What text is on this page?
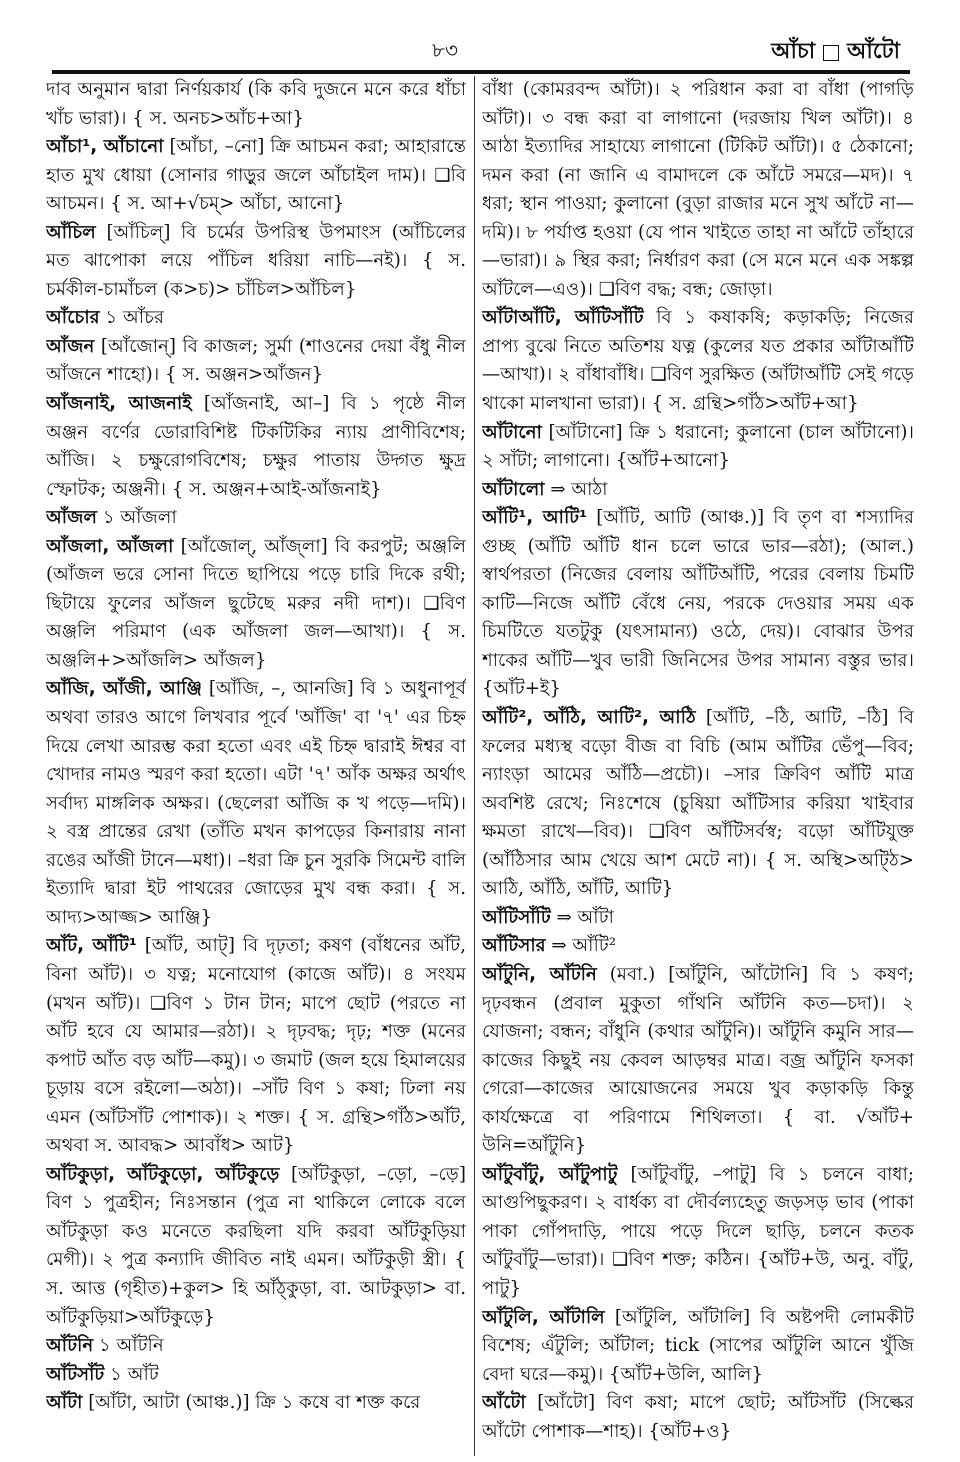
৮৩	আঁচা আঁটো

দাব অনুমান দ্বারা নির্ণয়কার্য (কি কবি দুজনে মনে করে ধাঁচা খাঁচ ভারা)। { স. অনচ>আঁচ+আ}

আঁচা¹, আঁচানো [আঁচা, –নো] ক্রি আচমন করা; আহারান্তে হাত মুখ ধোয়া (সোনার গাড়ুর জলে আঁচাইল দাম)। ❑বি আচমন। { স. আ+√চম্> আঁচা, আনো}

আঁচিল [আঁচিল্] বি চর্মের উপরিস্থ উপমাংস (আঁচিলের মত ঝাপোকা লয়ে পাঁচিল ধরিয়া নাচি—নই)। { স. চর্মকীল-চামাঁচল (ক>চ)> চাঁচিল>আঁচিল}

আঁচোর ১ আঁচর

আঁজন [আঁজোন্] বি কাজল; সুর্মা (শাওনের দেয়া বঁধু নীল আঁজনে শাহো)। { স. অঞ্জন>আঁজন}

আঁজনাই, আজনাই [আঁজনাই, আ–] বি ১ পৃষ্ঠে নীল অঞ্জন বর্ণের ডোরাবিশিষ্ট টিকটিকির ন্যায় প্রাণীবিশেষ; আঁজি। ২ চক্ষুরোগবিশেষ; চক্ষুর পাতায় উদ্গত ক্ষুদ্র স্ফোটক; অঞ্জনী। { স. অঞ্জন+আই-আঁজনাই}

আঁজল ১ আঁজলা

আঁজলা, আঁজলা [আঁজোল্, আঁজ্লা] বি করপুট; অঞ্জলি (আঁজল ভরে সোনা দিতে ছাপিয়ে পড়ে চারি দিকে রথী; ছিটায়ে ফুলের আঁজল ছুটেছে মরুর নদী দাশ)। ❑বিণ অঞ্জলি পরিমাণ (এক আঁজলা জল—আখা)। { স. অঞ্জলি+>আঁজলি> আঁজল}

আঁজি, আঁজী, আঞ্জি [আঁজি, –, আনজি] বি ১ অধুনাপূর্ব অথবা তারও আগে লিখবার পূর্বে 'আঁজি' বা '৭' এর চিহ্ন দিয়ে লেখা আরম্ভ করা হতো এবং এই চিহ্ন দ্বারাই ঈশ্বর বা খোদার নামও স্মরণ করা হতো। এটা '৭' আঁক অক্ষর অর্থাৎ সর্বাদ্য মাঙ্গলিক অক্ষর। (ছেলেরা আঁজি ক খ পড়ে—দমি)। ২ বস্ত্র প্রান্তের রেখা (তাঁতি মখন কাপড়ের কিনারায় নানা রঙের আঁজী টানে—মধা)। –ধরা ক্রি চুন সুরকি সিমেন্ট বালি ইত্যাদি দ্বারা ইট পাথরের জোড়ের মুখ বন্ধ করা। { স. আদ্য>আজ্জ> আঞ্জি}

আঁট, আঁটি¹ [আঁট, আট্] বি দৃঢ়তা; কষণ (বাঁধনের আঁট, বিনা আঁট)। ৩ যত্ন; মনোযোগ (কাজে আঁট)। ৪ সংযম (মখন আঁট)। ❑বিণ ১ টান টান; মাপে ছোট (পরতে না আঁট হবে যে আমার—রঠা)। ২ দৃঢ়বদ্ধ; দৃঢ়; শক্ত (মনের কপাট আঁত বড় আঁট—কমু)। ৩ জমাট (জল হয়ে হিমালয়ের চূড়ায় বসে রইলো—অঠা)। –সাঁট বিণ ১ কষা; ঢিলা নয় এমন (আঁটসাঁট পোশাক)। ২ শক্ত। { স. গ্রন্থি>গাঁঠ>আঁট, অথবা স. আবদ্ধ> আবাঁধ> আট}

আঁটকুড়া, আঁটকুড়ো, আঁটকুড়ে [আঁটকুড়া, –ড়ো, –ড়ে] বিণ ১ পুত্রহীন; নিঃসন্তান (পুত্র না থাকিলে লোকে বলে আঁটকুড়া কও মনেতে করছিলা যদি করবা আঁটকুড়িয়া মেগী)। ২ পুত্র কন্যাদি জীবিত নাই এমন। আঁটকুড়ী স্ত্রী। { স. আত্ত (গৃহীত)+কুল> হি আঁঠ্কুড়া, বা. আটকুড়া> বা. আঁটকুড়িয়া>আঁটকুড়ে}

আঁটনি ১ আঁটনি

আঁটসাঁট ১ আঁট

আঁটা [আঁটা, আটা (আঞ্চ.)] ক্রি ১ কষে বা শক্ত করে

বাঁধা (কোমরবন্দ আঁটা)। ২ পরিধান করা বা বাঁধা (পাগড়ি আঁটা)। ৩ বন্ধ করা বা লাগানো (দরজায় খিল আঁটা)। ৪ আঠা ইত্যাদির সাহায্যে লাগানো (টিকিট আঁটা)। ৫ ঠেকানো; দমন করা (না জানি এ বামাদলে কে আঁটে সমরে—মদ)। ৭ ধরা; স্থান পাওয়া; কুলানো (বুড়া রাজার মনে সুখ আঁটে না—দমি)। ৮ পর্যাপ্ত হওয়া (যে পান খাইতে তাহা না আঁটে তাঁহারে—ভারা)। ৯ স্থির করা; নির্ধারণ করা (সে মনে মনে এক সঙ্কল্প আঁটলে—এও)। ❑বিণ বদ্ধ; বন্ধ; জোড়া।

আঁটাআঁটি, আঁটিসাঁটি বি ১ কষাকষি; কড়াকড়ি; নিজের প্রাপ্য বুঝে নিতে অতিশয় যত্ন (কুলের যত প্রকার আঁটাআঁটি—আখা)। ২ বাঁধাবাঁধি। ❑বিণ সুরক্ষিত (আঁটাআঁটি সেই গড়ে থাকো মালখানা ভারা)। { স. গ্রন্থি>গাঁঠ>আঁট+আ}

আঁটানো [আঁটানো] ক্রি ১ ধরানো; কুলানো (চাল আঁটানো)। ২ সাঁটা; লাগানো। {আঁট+আনো}

আঁটালো ⇒ আঠা

আঁটি¹, আটি¹ [আঁটি, আটি (আঞ্চ.)] বি তৃণ বা শস্যাদির গুচ্ছ (আঁটি আঁটি ধান চলে ভারে ভার—রঠা); (আল.) স্বার্থপরতা (নিজের বেলায় আঁটিআঁটি, পরের বেলায় চিমটি কাটি—নিজে আঁটি বেঁধে নেয়, পরকে দেওয়ার সময় এক চিমটিতে যতটুকু (যৎসামান্য) ওঠে, দেয়)। বোঝার উপর শাকের আঁটি—খুব ভারী জিনিসের উপর সামান্য বস্তুর ভার। {আঁট+ই}

আঁটি², আঁঠি, আটি², আঠি [আঁটি, –ঠি, আটি, –ঠি] বি ফলের মধ্যস্থ বড়ো বীজ বা বিচি (আম আঁটির ভেঁপু—বিব; ন্যাংড়া আমের আঁঠি—প্রচৌ)। –সার ক্রিবিণ আঁটি মাত্র অবশিষ্ট রেখে; নিঃশেষে (চুষিয়া আঁটিসার করিয়া খাইবার ক্ষমতা রাখে—বিব)। ❑বিণ আঁটিসর্বস্ব; বড়ো আঁটিযুক্ত (আঁঠিসার আম খেয়ে আশ মেটে না)। { স. অস্থি>অট্ঠি> আঠি, আঁঠি, আঁটি, আটি}

আঁটিসাঁটি ⇒ আঁটা

আঁটিসার ⇒ আঁটি²

আঁটুনি, আঁটনি (মবা.) [আঁটুনি, আঁটোনি] বি ১ কষণ; দৃঢ়বন্ধন (প্রবাল মুকুতা গাঁথনি আঁটনি কত—চদা)। ২ যোজনা; বন্ধন; বাঁধুনি (কথার আঁটুনি)। আঁটুনি কমুনি সার—কাজের কিছুই নয় কেবল আড়ম্বর মাত্র। বজ্র আঁটুনি ফসকা গেরো—কাজের আয়োজনের সময়ে খুব কড়াকড়ি কিন্তু কার্যক্ষেত্রে বা পরিণামে শিথিলতা। { বা. √আঁট+ উনি=আঁটুনি}

আঁটুবাঁটু, আঁটুপাটু [আঁটুবাঁটু, –পাটু] বি ১ চলনে বাধা; আগুপিছুকরণ। ২ বার্ধক্য বা দৌর্বল্যহেতু জড়সড় ভাব (পাকা পাকা গোঁপদাড়ি, পায়ে পড়ে দিলে ছাড়ি, চলনে কতক আঁটুবাঁটু—ভারা)। ❑বিণ শক্ত; কঠিন। {আঁট+উ, অনু. বাঁটু, পাটু}

আঁটুলি, আঁটালি [আঁটুলি, আঁটালি] বি অষ্টপদী লোমকীট বিশেষ; এঁটুলি; আঁটাল; tick (সাপের আঁটুলি আনে খুঁজি বেদা ঘরে—কমু)। {আঁট+উলি, আলি}

আঁটো [আঁটো] বিণ কষা; মাপে ছোট; আঁটসাঁট (সিল্কের আঁটো পোশাক—শাহ)। {আঁট+ও}
